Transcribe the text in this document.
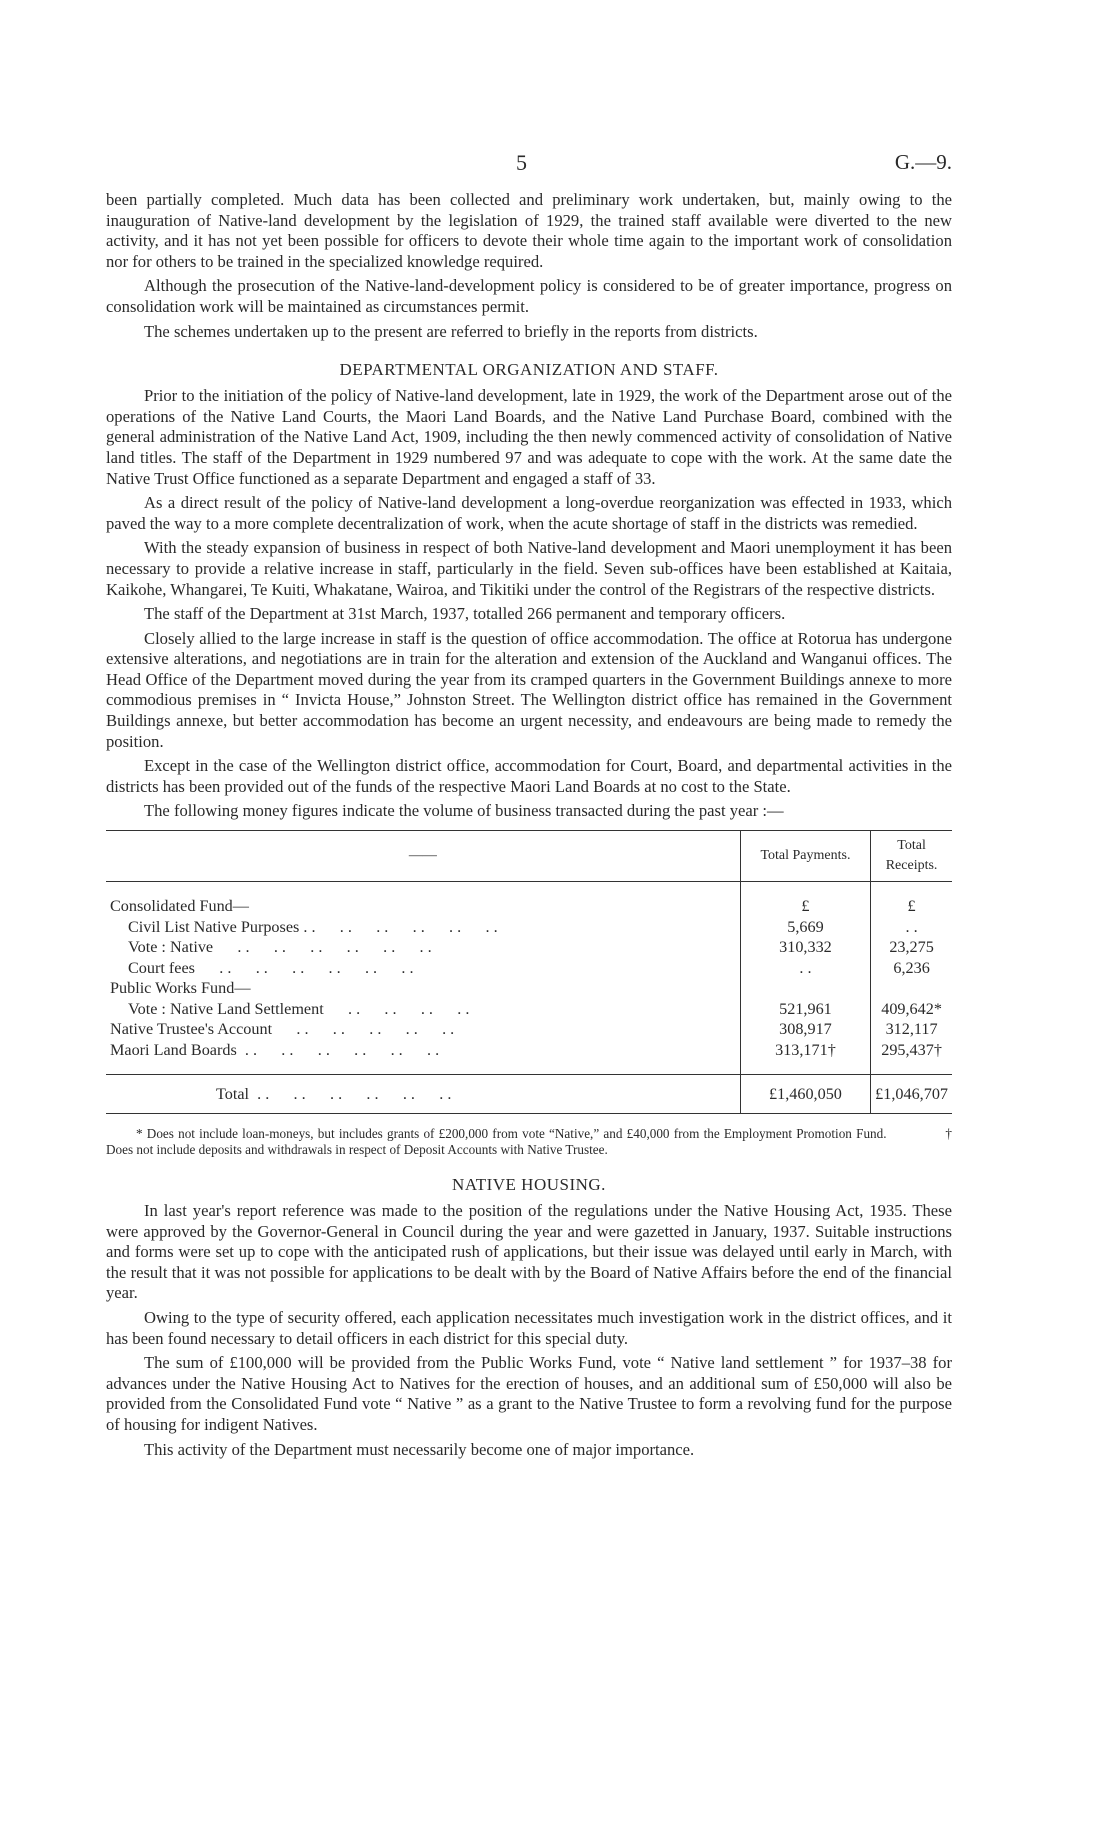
5	G.—9.

been partially completed. Much data has been collected and preliminary work undertaken, but, mainly owing to the inauguration of Native-land development by the legislation of 1929, the trained staff available were diverted to the new activity, and it has not yet been possible for officers to devote their whole time again to the important work of consolidation nor for others to be trained in the specialized knowledge required.

Although the prosecution of the Native-land-development policy is considered to be of greater importance, progress on consolidation work will be maintained as circumstances permit.

The schemes undertaken up to the present are referred to briefly in the reports from districts.

DEPARTMENTAL ORGANIZATION AND STAFF.

Prior to the initiation of the policy of Native-land development, late in 1929, the work of the Department arose out of the operations of the Native Land Courts, the Maori Land Boards, and the Native Land Purchase Board, combined with the general administration of the Native Land Act, 1909, including the then newly commenced activity of consolidation of Native land titles. The staff of the Department in 1929 numbered 97 and was adequate to cope with the work. At the same date the Native Trust Office functioned as a separate Department and engaged a staff of 33.

As a direct result of the policy of Native-land development a long-overdue reorganization was effected in 1933, which paved the way to a more complete decentralization of work, when the acute shortage of staff in the districts was remedied.

With the steady expansion of business in respect of both Native-land development and Maori unemployment it has been necessary to provide a relative increase in staff, particularly in the field. Seven sub-offices have been established at Kaitaia, Kaikohe, Whangarei, Te Kuiti, Whakatane, Wairoa, and Tikitiki under the control of the Registrars of the respective districts.

The staff of the Department at 31st March, 1937, totalled 266 permanent and temporary officers.

Closely allied to the large increase in staff is the question of office accommodation. The office at Rotorua has undergone extensive alterations, and negotiations are in train for the alteration and extension of the Auckland and Wanganui offices. The Head Office of the Department moved during the year from its cramped quarters in the Government Buildings annexe to more commodious premises in “ Invicta House,” Johnston Street. The Wellington district office has remained in the Government Buildings annexe, but better accommodation has become an urgent necessity, and endeavours are being made to remedy the position.

Except in the case of the Wellington district office, accommodation for Court, Board, and departmental activities in the districts has been provided out of the funds of the respective Maori Land Boards at no cost to the State.

The following money figures indicate the volume of business transacted during the past year :—

——	Total Payments.	Total Receipts.

Consolidated Fund—	£	£
Civil List Native Purposes . .      . .      . .      . .      . .      . .	5,669	. .
Vote : Native      . .      . .      . .      . .      . .      . .	310,332	23,275
Court fees      . .      . .      . .      . .      . .      . .	. .	6,236
Public Works Fund—		
Vote : Native Land Settlement      . .      . .      . .      . .	521,961	409,642*
Native Trustee's Account      . .      . .      . .      . .      . .	308,917	312,117
Maori Land Boards  . .      . .      . .      . .      . .      . .	313,171†	295,437†

Total  . .      . .      . .      . .      . .      . .	£1,460,050	£1,046,707
* Does not include loan-moneys, but includes grants of £200,000 from vote “Native,” and £40,000 from the Employment Promotion Fund.	† Does not include deposits and withdrawals in respect of Deposit Accounts with Native Trustee.
NATIVE HOUSING.

In last year's report reference was made to the position of the regulations under the Native Housing Act, 1935. These were approved by the Governor-General in Council during the year and were gazetted in January, 1937. Suitable instructions and forms were set up to cope with the anticipated rush of applications, but their issue was delayed until early in March, with the result that it was not possible for applications to be dealt with by the Board of Native Affairs before the end of the financial year.

Owing to the type of security offered, each application necessitates much investigation work in the district offices, and it has been found necessary to detail officers in each district for this special duty.

The sum of £100,000 will be provided from the Public Works Fund, vote “ Native land settlement ” for 1937–38 for advances under the Native Housing Act to Natives for the erection of houses, and an additional sum of £50,000 will also be provided from the Consolidated Fund vote “ Native ” as a grant to the Native Trustee to form a revolving fund for the purpose of housing for indigent Natives.

This activity of the Department must necessarily become one of major importance.
